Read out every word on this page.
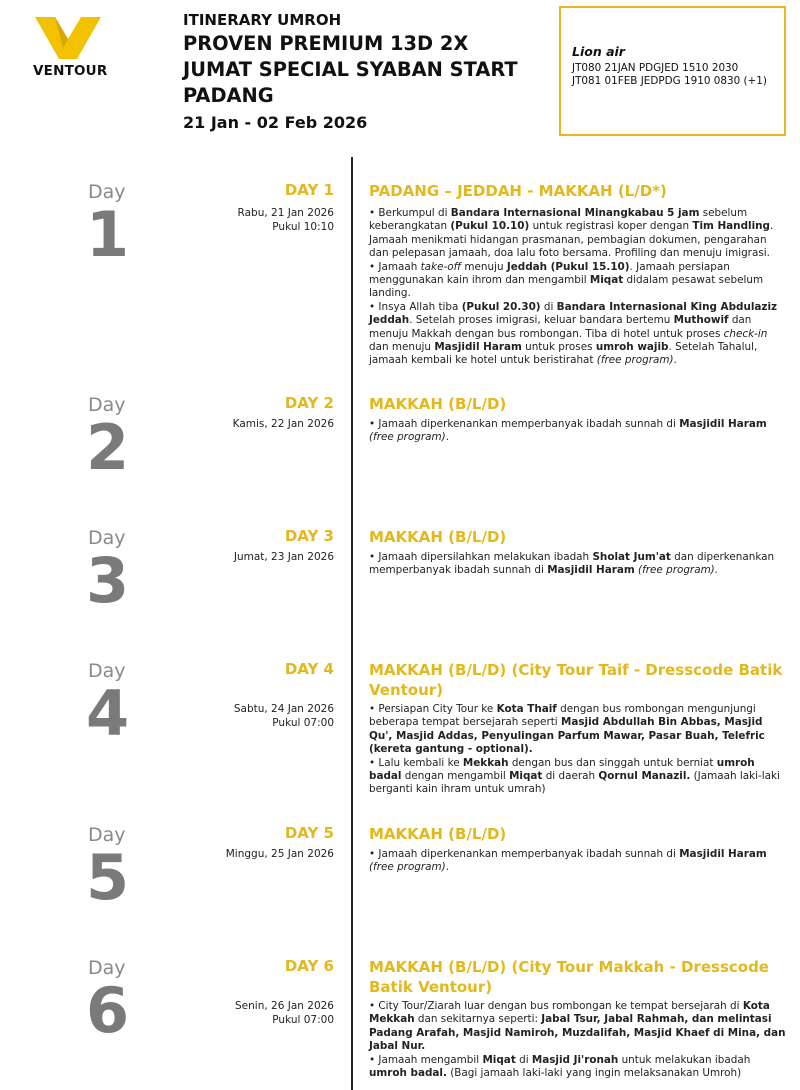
VENTOUR
ITINERARY UMROH
PROVEN PREMIUM 13D 2X
JUMAT SPECIAL SYABAN START
PADANG
21 Jan - 02 Feb 2026
Lion air
JT080 21JAN PDGJED 1510 2030
JT081 01FEB JEDPDG 1910 0830 (+1)
Day
1
DAY 1
Rabu, 21 Jan 2026
Pukul 10:10
PADANG – JEDDAH - MAKKAH (L/D*)

• Berkumpul di Bandara Internasional Minangkabau 5 jam sebelum keberangkatan (Pukul 10.10) untuk registrasi koper dengan Tim Handling. Jamaah menikmati hidangan prasmanan, pembagian dokumen, pengarahan dan pelepasan jamaah, doa lalu foto bersama. Profiling dan menuju imigrasi.

• Jamaah take-off menuju Jeddah (Pukul 15.10). Jamaah persiapan menggunakan kain ihrom dan mengambil Miqat didalam pesawat sebelum landing.

• Insya Allah tiba (Pukul 20.30) di Bandara Internasional King Abdulaziz Jeddah. Setelah proses imigrasi, keluar bandara bertemu Muthowif dan menuju Makkah dengan bus rombongan. Tiba di hotel untuk proses check-in dan menuju Masjidil Haram untuk proses umroh wajib. Setelah Tahalul, jamaah kembali ke hotel untuk beristirahat (free program).

Day
2
DAY 2
Kamis, 22 Jan 2026
MAKKAH (B/L/D)

• Jamaah diperkenankan memperbanyak ibadah sunnah di Masjidil Haram (free program).

Day
3
DAY 3
Jumat, 23 Jan 2026
MAKKAH (B/L/D)

• Jamaah dipersilahkan melakukan ibadah Sholat Jum'at dan diperkenankan memperbanyak ibadah sunnah di Masjidil Haram (free program).

Day
4
DAY 4
Sabtu, 24 Jan 2026
Pukul 07:00
MAKKAH (B/L/D) (City Tour Taif - Dresscode Batik Ventour)

• Persiapan City Tour ke Kota Thaif dengan bus rombongan mengunjungi beberapa tempat bersejarah seperti Masjid Abdullah Bin Abbas, Masjid Qu', Masjid Addas, Penyulingan Parfum Mawar, Pasar Buah, Telefric (kereta gantung - optional).

• Lalu kembali ke Mekkah dengan bus dan singgah untuk berniat umroh badal dengan mengambil Miqat di daerah Qornul Manazil. (Jamaah laki-laki berganti kain ihram untuk umrah)

Day
5
DAY 5
Minggu, 25 Jan 2026
MAKKAH (B/L/D)

• Jamaah diperkenankan memperbanyak ibadah sunnah di Masjidil Haram (free program).

Day
6
DAY 6
Senin, 26 Jan 2026
Pukul 07:00
MAKKAH (B/L/D) (City Tour Makkah - Dresscode Batik Ventour)

• City Tour/Ziarah luar dengan bus rombongan ke tempat bersejarah di Kota Mekkah dan sekitarnya seperti: Jabal Tsur, Jabal Rahmah, dan melintasi Padang Arafah, Masjid Namiroh, Muzdalifah, Masjid Khaef di Mina, dan Jabal Nur.

• Jamaah mengambil Miqat di Masjid Ji'ronah untuk melakukan ibadah umroh badal. (Bagi jamaah laki-laki yang ingin melaksanakan Umroh)
